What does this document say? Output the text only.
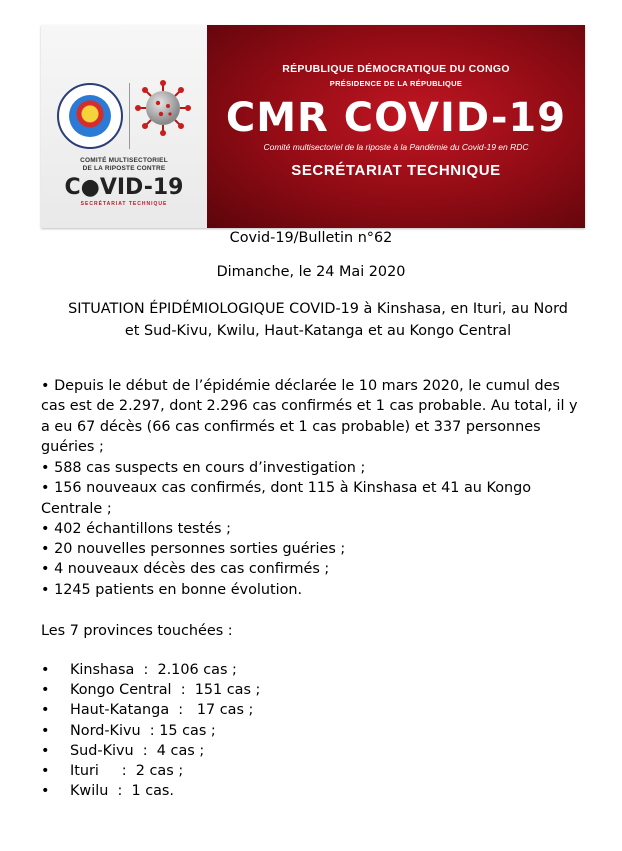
COMITÉ MULTISECTORIEL
DE LA RIPOSTE CONTRE
C●VID-19
SECRÉTARIAT TECHNIQUE
RÉPUBLIQUE DÉMOCRATIQUE DU CONGO
PRÉSIDENCE DE LA RÉPUBLIQUE
CMR COVID-19
Comité multisectoriel de la riposte à la Pandémie du Covid-19 en RDC
SECRÉTARIAT TECHNIQUE
Covid-19/Bulletin n°62
Dimanche, le 24 Mai 2020
SITUATION ÉPIDÉMIOLOGIQUE COVID-19 à Kinshasa, en Ituri, au Nord
et Sud-Kivu, Kwilu, Haut-Katanga et au Kongo Central
• Depuis le début de l’épidémie déclarée le 10 mars 2020, le cumul des
cas est de 2.297, dont 2.296 cas confirmés et 1 cas probable. Au total, il y
a eu 67 décès (66 cas confirmés et 1 cas probable) et 337 personnes
guéries ;
• 588 cas suspects en cours d’investigation ;
• 156 nouveaux cas confirmés, dont 115 à Kinshasa et 41 au Kongo
Centrale ;
• 402 échantillons testés ;
• 20 nouvelles personnes sorties guéries ;
• 4 nouveaux décès des cas confirmés ;
• 1245 patients en bonne évolution.
Les 7 provinces touchées :
• Kinshasa  :  2.106 cas ;
• Kongo Central  :  151 cas ;
• Haut-Katanga  :   17 cas ;
• Nord-Kivu  : 15 cas ;
• Sud-Kivu  :  4 cas ;
• Ituri     :  2 cas ;
• Kwilu  :  1 cas.
